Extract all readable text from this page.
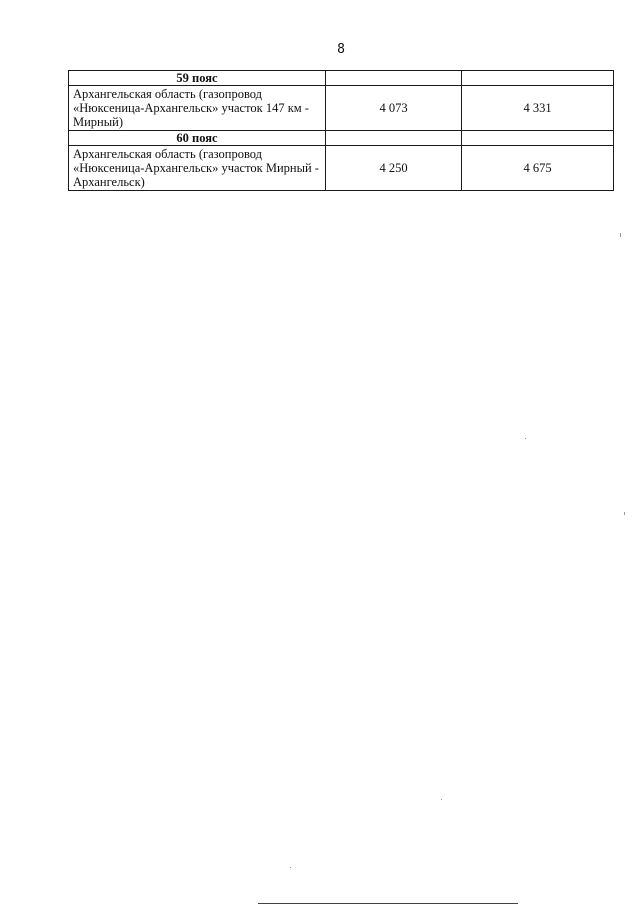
8
59 пояс		
Архангельская область (газопровод «Нюксеница-Архангельск» участок 147 км - Мирный)	4 073	4 331
60 пояс		
Архангельская область (газопровод «Нюксеница-Архангельск» участок Мирный - Архангельск)	4 250	4 675
